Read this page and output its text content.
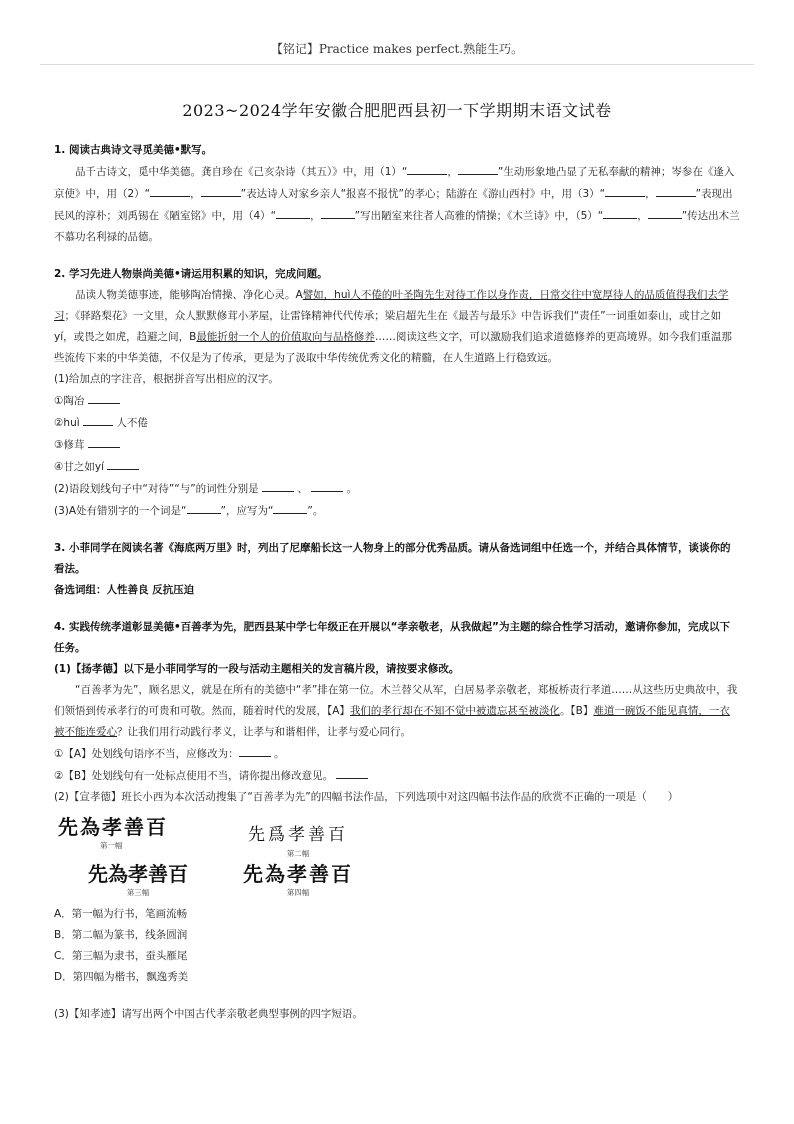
【铭记】Practice makes perfect.熟能生巧。
2023~2024学年安徽合肥肥西县初一下学期期末语文试卷

1. 阅读古典诗文寻觅美德•默写。

品千古诗文，觅中华美德。龚自珍在《己亥杂诗（其五）》中，用（1）“	，	”生动形象地凸显了无私奉献的精神；岑参在《逢入京使》中，用（2）“	，	”表达诗人对家乡亲人“报喜不报忧”的孝心；陆游在《游山西村》中，用（3）“	，	”表现出民风的淳朴；刘禹锡在《陋室铭》中，用（4）“	，	”写出陋室来往者人高雅的情操；《木兰诗》中，（5）“	，	”传达出木兰不慕功名利禄的品德。

2. 学习先进人物崇尚美德•请运用积累的知识，完成问题。

品读人物美德事迹，能够陶冶情操、净化心灵。A譬如，huì人不倦的叶圣陶先生对待工作以身作责，日常交往中宽厚待人的品质值得我们去学习；《驿路梨花》一文里，众人默默修茸小茅屋，让雷锋精神代代传承；梁启超先生在《最苦与最乐》中告诉我们“责任”一词重如泰山，或甘之如yí，或畏之如虎，趋避之间，B最能折射一个人的价值取向与品格修养……阅读这些文字，可以激励我们追求道德修养的更高境界。如今我们重温那些流传下来的中华美德，不仅是为了传承，更是为了汲取中华传统优秀文化的精髓，在人生道路上行稳致远。

(1)给加点的字注音，根据拼音写出相应的汉字。

①陶冶

②huì	人不倦

③修茸

④甘之如yí

(2)语段划线句子中“对待”“与”的词性分别是	、	。

(3)A处有错别字的一个词是“	”，应写为“	”。

3. 小菲同学在阅读名著《海底两万里》时，列出了尼摩船长这一人物身上的部分优秀品质。请从备选词组中任选一个，并结合具体情节，谈谈你的看法。

备选词组：人性善良 反抗压迫

4. 实践传统孝道彰显美德•百善孝为先，肥西县某中学七年级正在开展以“孝亲敬老，从我做起”为主题的综合性学习活动，邀请你参加，完成以下任务。

(1)【扬孝德】以下是小菲同学写的一段与活动主题相关的发言稿片段，请按要求修改。

“百善孝为先”，顾名思义，就是在所有的美德中“孝”排在第一位。木兰替父从军，白居易孝亲敬老，郑板桥责行孝道……从这些历史典故中，我们领悟到传承孝行的可贵和可敬。然而，随着时代的发展，【A】我们的孝行却在不知不觉中被遗忘甚至被淡化。【B】难道一碗饭不能见真情，一衣被不能连爱心？让我们用行动践行孝义，让孝与和谐相伴，让孝与爱心同行。

①【A】处划线句语序不当，应修改为：	。

②【B】处划线句有一处标点使用不当，请你提出修改意见。

(2)【宣孝德】班长小西为本次活动搜集了“百善孝为先”的四幅书法作品，下列选项中对这四幅书法作品的欣赏不正确的一项是（　　）

先為孝善百
第一幅
先爲孝善百
第二幅
先為孝善百
第三幅
先為孝善百
第四幅

A．第一幅为行书，笔画流畅

B．第二幅为篆书，线条圆润

C．第三幅为隶书，蚕头雁尾

D．第四幅为楷书，飘逸秀美

(3)【知孝迹】请写出两个中国古代孝亲敬老典型事例的四字短语。
